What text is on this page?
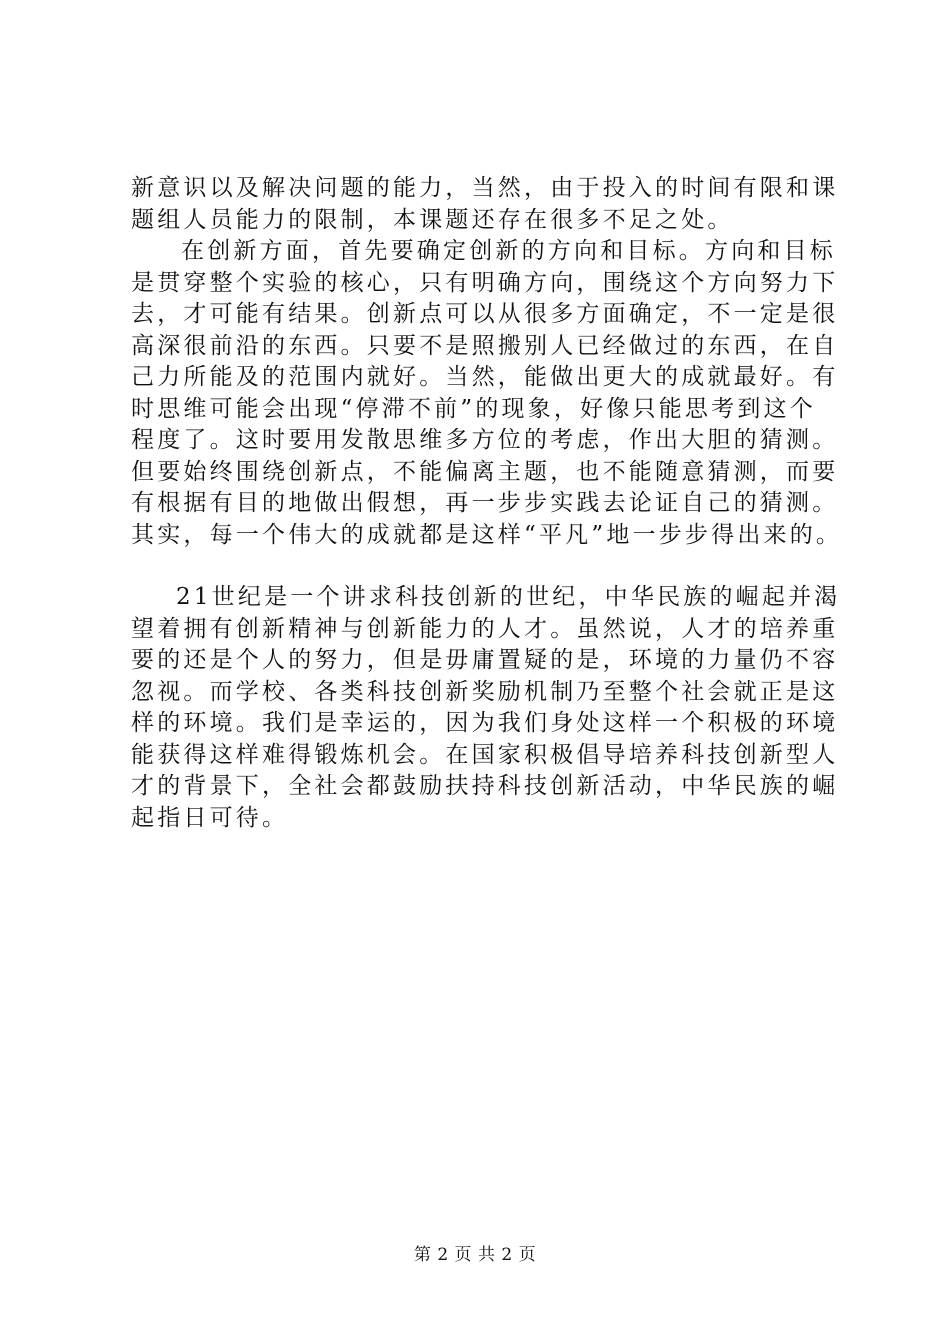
新意识以及解决问题的能力，当然，由于投入的时间有限和课
题组人员能力的限制，本课题还存在很多不足之处。
在创新方面，首先要确定创新的方向和目标。方向和目标
是贯穿整个实验的核心，只有明确方向，围绕这个方向努力下
去，才可能有结果。创新点可以从很多方面确定，不一定是很
高深很前沿的东西。只要不是照搬别人已经做过的东西，在自
己力所能及的范围内就好。当然，能做出更大的成就最好。有
时思维可能会出现“停滞不前”的现象，好像只能思考到这个
程度了。这时要用发散思维多方位的考虑，作出大胆的猜测。
但要始终围绕创新点，不能偏离主题，也不能随意猜测，而要
有根据有目的地做出假想，再一步步实践去论证自己的猜测。
其实，每一个伟大的成就都是这样“平凡”地一步步得出来的。
21世纪是一个讲求科技创新的世纪，中华民族的崛起并渴
望着拥有创新精神与创新能力的人才。虽然说，人才的培养重
要的还是个人的努力，但是毋庸置疑的是，环境的力量仍不容
忽视。而学校、各类科技创新奖励机制乃至整个社会就正是这
样的环境。我们是幸运的，因为我们身处这样一个积极的环境
能获得这样难得锻炼机会。在国家积极倡导培养科技创新型人
才的背景下，全社会都鼓励扶持科技创新活动，中华民族的崛
起指日可待。
第 2 页 共 2 页
